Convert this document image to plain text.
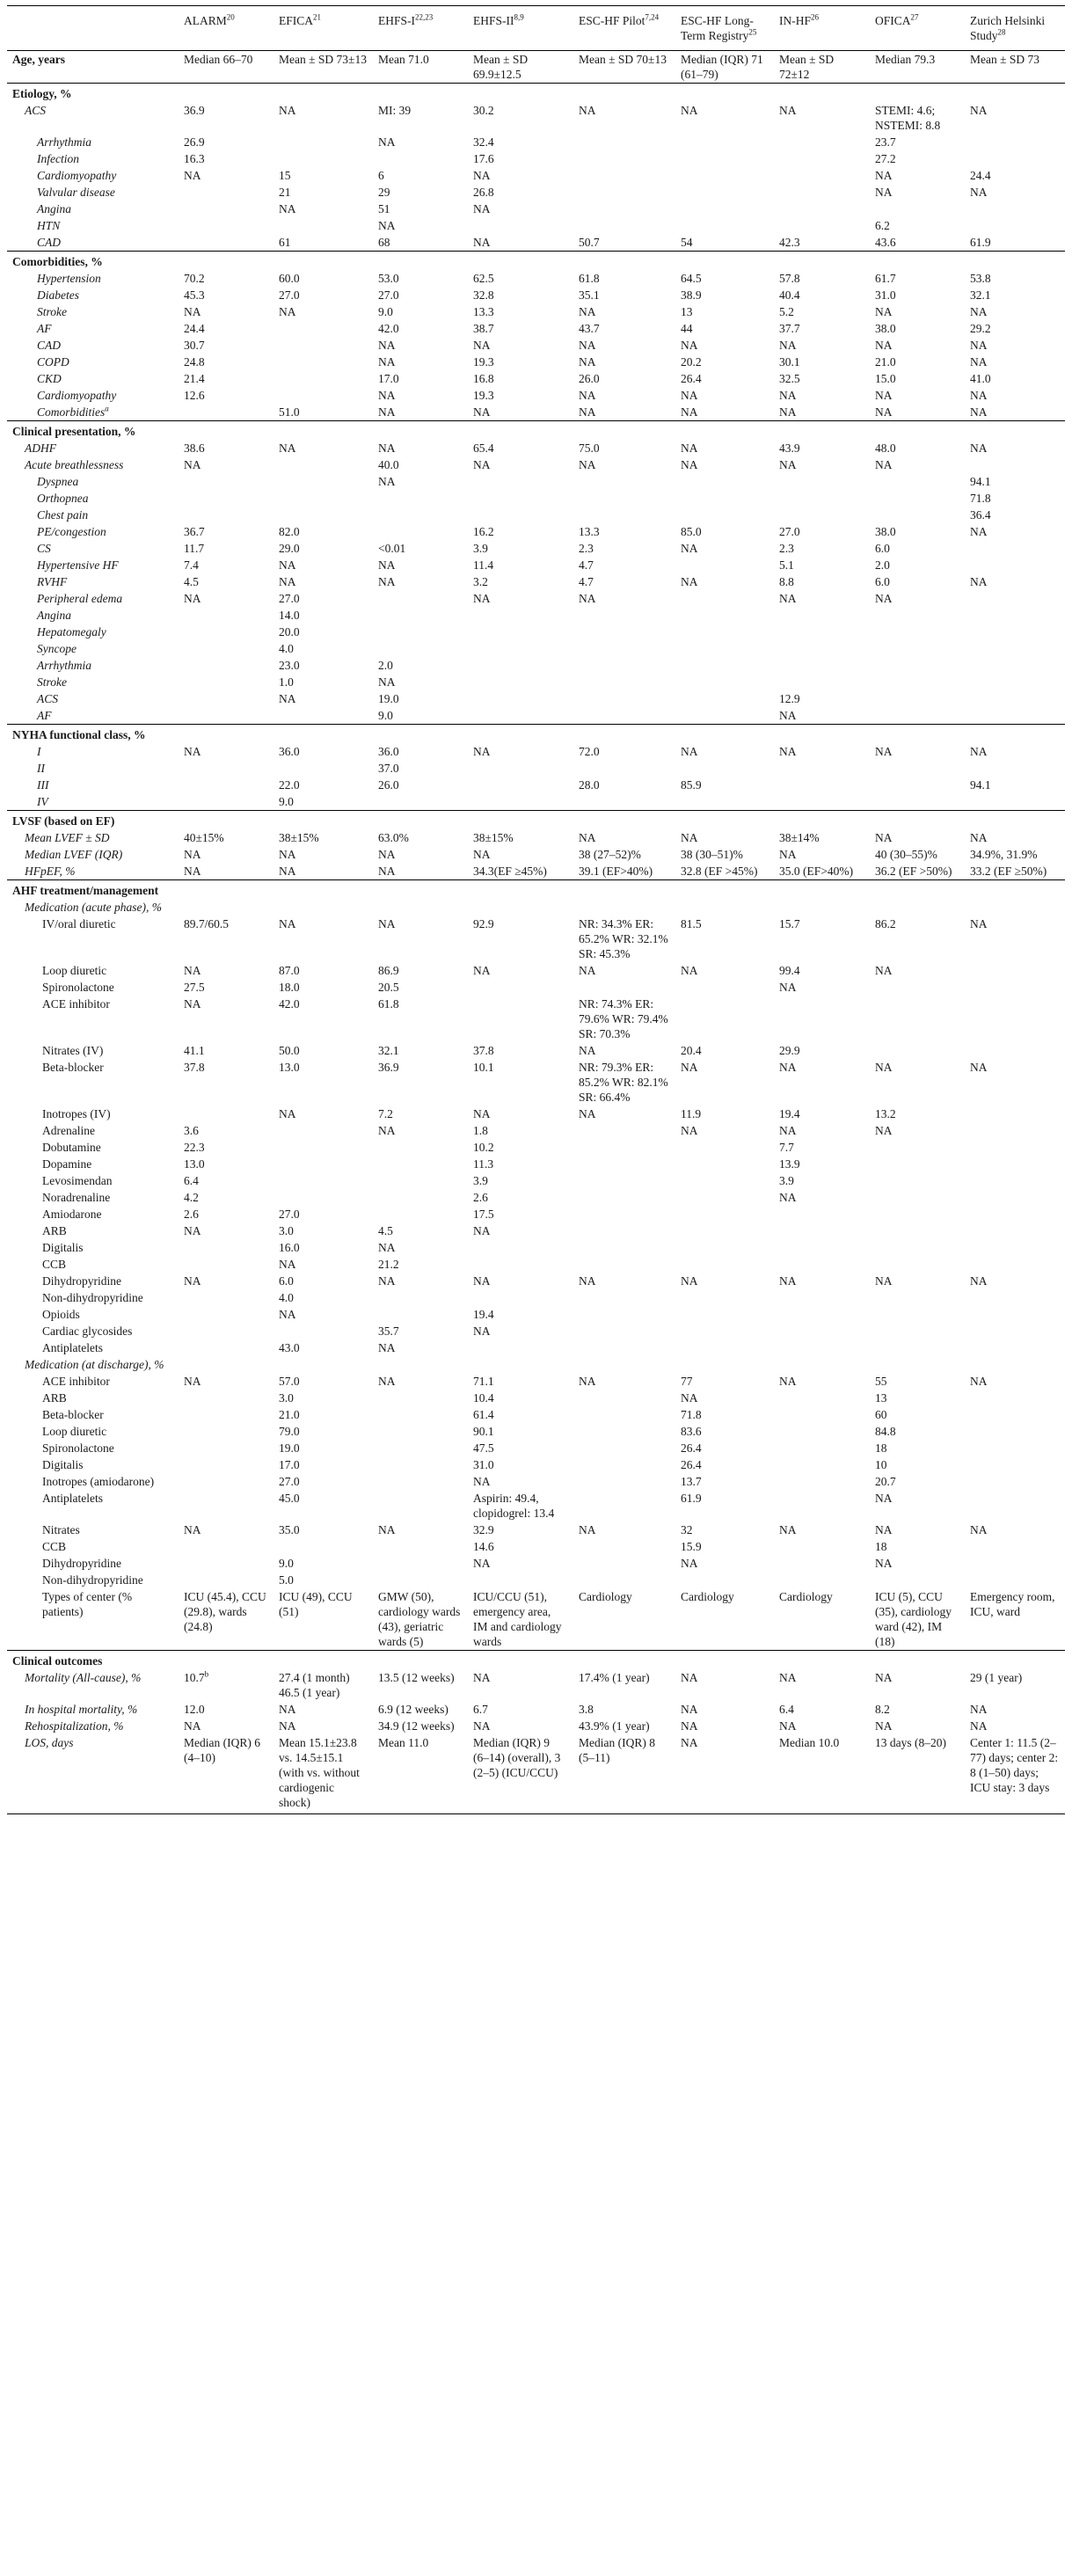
	ALARM$^{20}$	EFICA$^{21}$	EHFS-$I^{22,23}$	EHFS-II$^{8,9}$	ESC-HF Pilot$^{7,24}$	ESC-HF Long-Term Registry$^{25}$	IN-HF$^{26}$	OFICA$^{27}$	Zurich Helsinki Study$^{28}$
Age, years	Median 66–70	Mean ± SD 73±13	Mean 71.0	Mean ± SD 69.9±12.5	Mean ± SD 70±13	Median (IQR) 71 (61–79)	Mean ± SD 72±12	Median 79.3	Mean ± SD 73
Etiology, %									
ACS	36.9	NA	MI: 39	30.2	NA	NA	NA	STEMI: 4.6; NSTEMI: 8.8	NA
Arrhythmia	26.9		NA	32.4				23.7	
Infection	16.3			17.6				27.2	
Cardiomyopathy	NA	15	6	NA				NA	24.4
Valvular disease		21	29	26.8				NA	NA
Angina		NA	51	NA					
HTN			NA					6.2	
CAD		61	68	NA	50.7	54	42.3	43.6	61.9
Comorbidities, %									
Hypertension	70.2	60.0	53.0	62.5	61.8	64.5	57.8	61.7	53.8
Diabetes	45.3	27.0	27.0	32.8	35.1	38.9	40.4	31.0	32.1
Stroke	NA	NA	9.0	13.3	NA	13	5.2	NA	NA
AF	24.4		42.0	38.7	43.7	44	37.7	38.0	29.2
CAD	30.7		NA	NA	NA	NA	NA	NA	NA
COPD	24.8		NA	19.3	NA	20.2	30.1	21.0	NA
CKD	21.4		17.0	16.8	26.0	26.4	32.5	15.0	41.0
Cardiomyopathy	12.6		NA	19.3	NA	NA	NA	NA	NA
Comorbidities$^a$		51.0	NA	NA	NA	NA	NA	NA	NA
Clinical presentation, %									
ADHF	38.6	NA	NA	65.4	75.0	NA	43.9	48.0	NA
Acute breathlessness	NA		40.0	NA	NA	NA	NA	NA	
Dyspnea			NA						94.1
Orthopnea									71.8
Chest pain									36.4
PE/congestion	36.7	82.0		16.2	13.3	85.0	27.0	38.0	NA
CS	11.7	29.0	<0.01	3.9	2.3	NA	2.3	6.0	
Hypertensive HF	7.4	NA	NA	11.4	4.7		5.1	2.0	
RVHF	4.5	NA	NA	3.2	4.7	NA	8.8	6.0	NA
Peripheral edema	NA	27.0		NA	NA		NA	NA	
Angina		14.0							
Hepatomegaly		20.0							
Syncope		4.0							
Arrhythmia		23.0	2.0						
Stroke		1.0	NA						
ACS		NA	19.0				12.9		
AF			9.0				NA		
NYHA functional class, %									
I	NA	36.0	36.0	NA	72.0	NA	NA	NA	NA
II			37.0						
III		22.0	26.0		28.0	85.9			94.1
IV		9.0							
LVSF (based on EF)									
Mean LVEF ± SD	40±15%	38±15%	63.0%	38±15%	NA	NA	38±14%	NA	NA
Median LVEF (IQR)	NA	NA	NA	NA	38 (27–52)%	38 (30–51)%	NA	40 (30–55)%	34.9%, 31.9%
HFpEF, %	NA	NA	NA	34.3(EF ≥45%)	39.1 (EF>40%)	32.8 (EF >45%)	35.0 (EF>40%)	36.2 (EF >50%)	33.2 (EF ≥50%)
AHF treatment/management									
Medication (acute phase), %									
IV/oral diuretic	89.7/60.5	NA	NA	92.9	NR: 34.3% ER: 65.2% WR: 32.1% SR: 45.3%	81.5	15.7	86.2	NA
Loop diuretic	NA	87.0	86.9	NA	NA	NA	99.4	NA	
Spironolactone	27.5	18.0	20.5				NA		
ACE inhibitor	NA	42.0	61.8		NR: 74.3% ER: 79.6% WR: 79.4% SR: 70.3%				
Nitrates (IV)	41.1	50.0	32.1	37.8	NA	20.4	29.9		
Beta-blocker	37.8	13.0	36.9	10.1	NR: 79.3% ER: 85.2% WR: 82.1% SR: 66.4%	NA	NA	NA	NA
Inotropes (IV)		NA	7.2	NA	NA	11.9	19.4	13.2	
Adrenaline	3.6		NA	1.8		NA	NA	NA	
Dobutamine	22.3			10.2			7.7		
Dopamine	13.0			11.3			13.9		
Levosimendan	6.4			3.9			3.9		
Noradrenaline	4.2			2.6			NA		
Amiodarone	2.6	27.0		17.5					
ARB	NA	3.0	4.5	NA					
Digitalis		16.0	NA						
CCB		NA	21.2						
Dihydropyridine	NA	6.0	NA	NA	NA	NA	NA	NA	NA
Non-dihydropyridine		4.0							
Opioids		NA		19.4					
Cardiac glycosides			35.7	NA					
Antiplatelets		43.0	NA						
Medication (at discharge), %									
ACE inhibitor	NA	57.0	NA	71.1	NA	77	NA	55	NA
ARB		3.0		10.4		NA		13	
Beta-blocker		21.0		61.4		71.8		60	
Loop diuretic		79.0		90.1		83.6		84.8	
Spironolactone		19.0		47.5		26.4		18	
Digitalis		17.0		31.0		26.4		10	
Inotropes (amiodarone)		27.0		NA		13.7		20.7	
Antiplatelets		45.0		Aspirin: 49.4, clopidogrel: 13.4		61.9		NA	
Nitrates	NA	35.0	NA	32.9	NA	32	NA	NA	NA
CCB				14.6		15.9		18	
Dihydropyridine		9.0		NA		NA		NA	
Non-dihydropyridine		5.0							
Types of center (% patients)	ICU (45.4), CCU (29.8), wards (24.8)	ICU (49), CCU (51)	GMW (50), cardiology wards (43), geriatric wards (5)	ICU/CCU (51), emergency area, IM and cardiology wards	Cardiology	Cardiology	Cardiology	ICU (5), CCU (35), cardiology ward (42), IM (18)	Emergency room, ICU, ward
Clinical outcomes									
Mortality (All-cause), %	10.7$^b$	27.4 (1 month) 46.5 (1 year)	13.5 (12 weeks)	NA	17.4% (1 year)	NA	NA	NA	29 (1 year)
In hospital mortality, %	12.0	NA	6.9 (12 weeks)	6.7	3.8	NA	6.4	8.2	NA
Rehospitalization, %	NA	NA	34.9 (12 weeks)	NA	43.9% (1 year)	NA	NA	NA	NA
LOS, days	Median (IQR) 6 (4–10)	Mean 15.1±23.8 vs. 14.5±15.1 (with vs. without cardiogenic shock)	Mean 11.0	Median (IQR) 9 (6–14) (overall), 3 (2–5) (ICU/CCU)	Median (IQR) 8 (5–11)	NA	Median 10.0	13 days (8–20)	Center 1: 11.5 (2–77) days; center 2: 8 (1–50) days; ICU stay: 3 days
